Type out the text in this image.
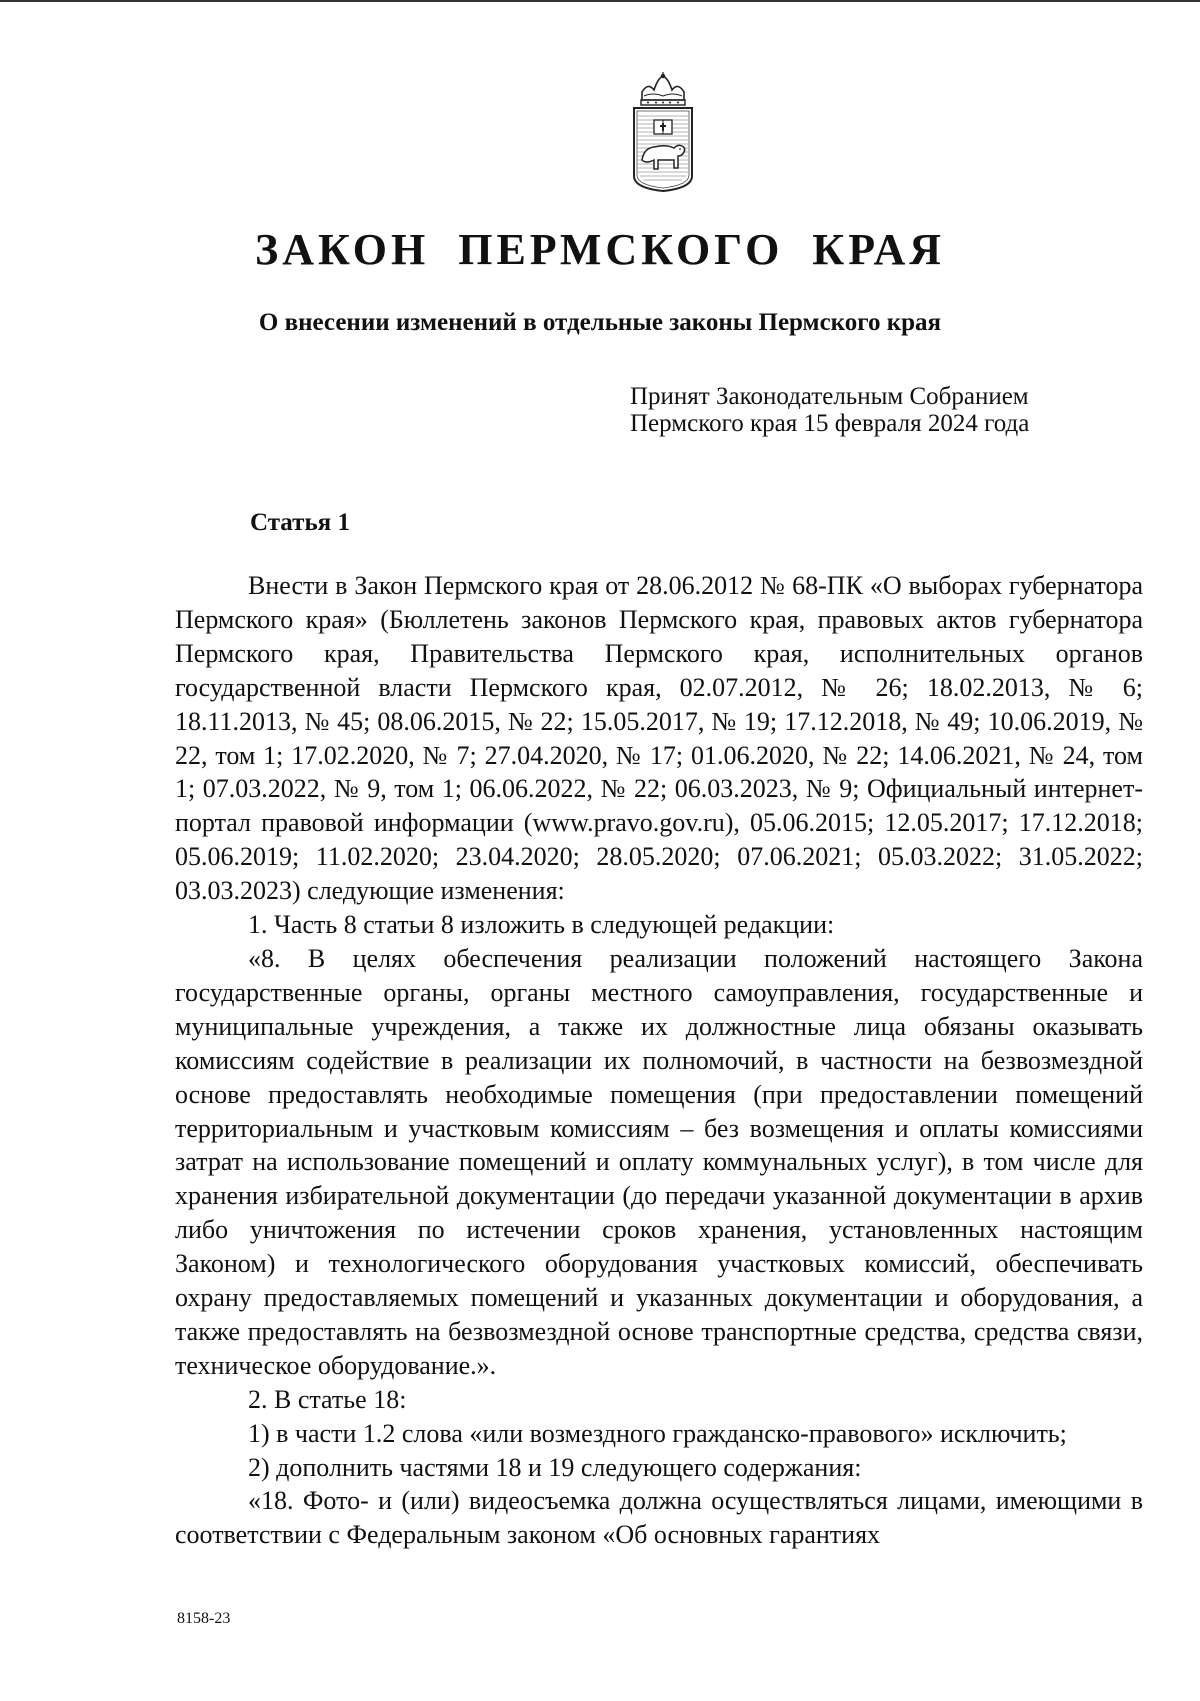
ЗАКОН ПЕРМСКОГО КРАЯ
О внесении изменений в отдельные законы Пермского края
Принят Законодательным Собранием
Пермского края 15 февраля 2024 года
Статья 1

Внести в Закон Пермского края от 28.06.2012 № 68-ПК «О выборах губернатора Пермского края» (Бюллетень законов Пермского края, правовых актов губернатора Пермского края, Правительства Пермского края, исполнительных органов государственной власти Пермского края, 02.07.2012, № 26; 18.02.2013, № 6; 18.11.2013, № 45; 08.06.2015, № 22; 15.05.2017, № 19; 17.12.2018, № 49; 10.06.2019, № 22, том 1; 17.02.2020, № 7; 27.04.2020, № 17; 01.06.2020, № 22; 14.06.2021, № 24, том 1; 07.03.2022, № 9, том 1; 06.06.2022, № 22; 06.03.2023, № 9; Официальный интернет-портал правовой информации (www.pravo.gov.ru), 05.06.2015; 12.05.2017; 17.12.2018; 05.06.2019; 11.02.2020; 23.04.2020; 28.05.2020; 07.06.2021; 05.03.2022; 31.05.2022; 03.03.2023) следующие изменения:

1. Часть 8 статьи 8 изложить в следующей редакции:

«8. В целях обеспечения реализации положений настоящего Закона государственные органы, органы местного самоуправления, государственные и муниципальные учреждения, а также их должностные лица обязаны оказывать комиссиям содействие в реализации их полномочий, в частности на безвозмездной основе предоставлять необходимые помещения (при предоставлении помещений территориальным и участковым комиссиям – без возмещения и оплаты комиссиями затрат на использование помещений и оплату коммунальных услуг), в том числе для хранения избирательной документации (до передачи указанной документации в архив либо уничтожения по истечении сроков хранения, установленных настоящим Законом) и технологического оборудования участковых комиссий, обеспечивать охрану предоставляемых помещений и указанных документации и оборудования, а также предоставлять на безвозмездной основе транспортные средства, средства связи, техническое оборудование.».

2. В статье 18:

1) в части 1.2 слова «или возмездного гражданско-правового» исключить;

2) дополнить частями 18 и 19 следующего содержания:

«18. Фото- и (или) видеосъемка должна осуществляться лицами, имеющими в соответствии с Федеральным законом «Об основных гарантиях

8158-23
